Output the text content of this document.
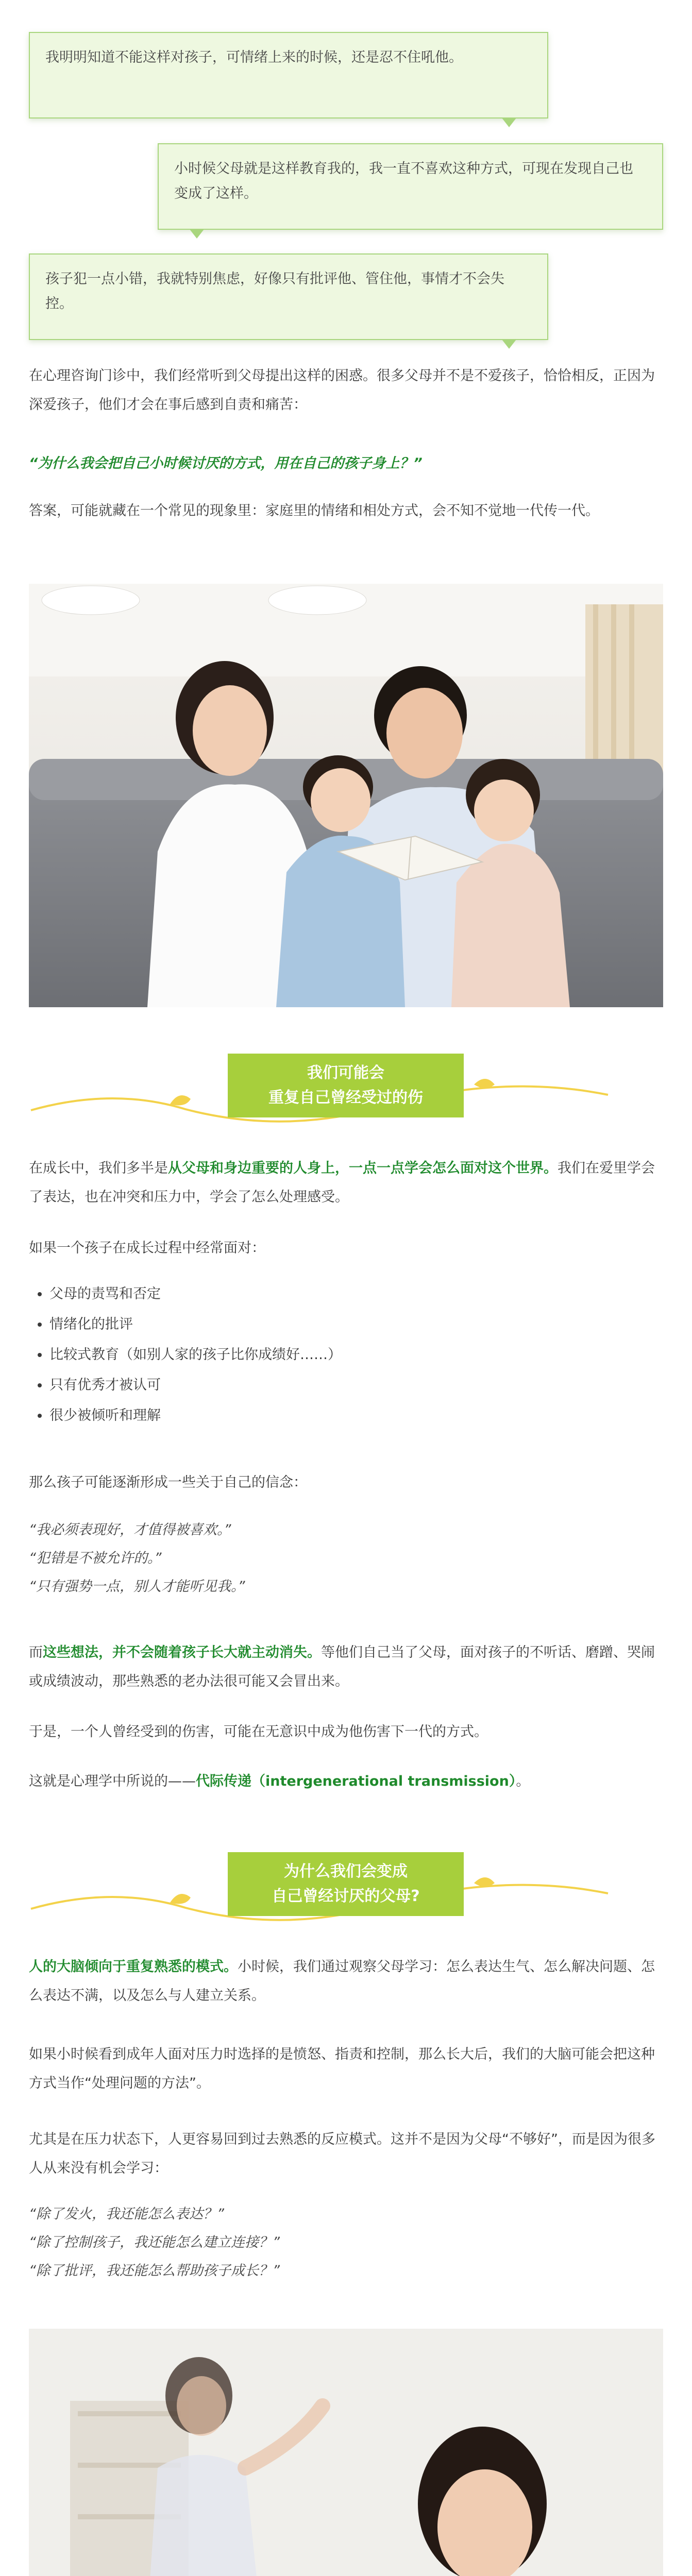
我明明知道不能这样对孩子，可情绪上来的时候，还是忍不住吼他。
小时候父母就是这样教育我的，我一直不喜欢这种方式，可现在发现自己也变成了这样。
孩子犯一点小错，我就特别焦虑，好像只有批评他、管住他，事情才不会失控。

在心理咨询门诊中，我们经常听到父母提出这样的困惑。很多父母并不是不爱孩子，恰恰相反，正因为深爱孩子，他们才会在事后感到自责和痛苦：

“为什么我会把自己小时候讨厌的方式，用在自己的孩子身上？”

答案，可能就藏在一个常见的现象里：家庭里的情绪和相处方式，会不知不觉地一代传一代。

我们可能会
重复自己曾经受过的伤

在成长中，我们多半是从父母和身边重要的人身上，一点一点学会怎么面对这个世界。我们在爱里学会了表达，也在冲突和压力中，学会了怎么处理感受。

如果一个孩子在成长过程中经常面对：

• 父母的责骂和否定
• 情绪化的批评
• 比较式教育（如别人家的孩子比你成绩好……）
• 只有优秀才被认可
• 很少被倾听和理解

那么孩子可能逐渐形成一些关于自己的信念：

“我必须表现好，才值得被喜欢。”
“犯错是不被允许的。”
“只有强势一点，别人才能听见我。”

而这些想法，并不会随着孩子长大就主动消失。等他们自己当了父母，面对孩子的不听话、磨蹭、哭闹或成绩波动，那些熟悉的老办法很可能又会冒出来。

于是，一个人曾经受到的伤害，可能在无意识中成为他伤害下一代的方式。

这就是心理学中所说的——代际传递（intergenerational transmission）。

为什么我们会变成
自己曾经讨厌的父母?

人的大脑倾向于重复熟悉的模式。小时候，我们通过观察父母学习：怎么表达生气、怎么解决问题、怎么表达不满，以及怎么与人建立关系。

如果小时候看到成年人面对压力时选择的是愤怒、指责和控制，那么长大后，我们的大脑可能会把这种方式当作“处理问题的方法”。

尤其是在压力状态下，人更容易回到过去熟悉的反应模式。这并不是因为父母“不够好”，而是因为很多人从来没有机会学习：

“除了发火，我还能怎么表达？”
“除了控制孩子，我还能怎么建立连接？”
“除了批评，我还能怎么帮助孩子成长？”
